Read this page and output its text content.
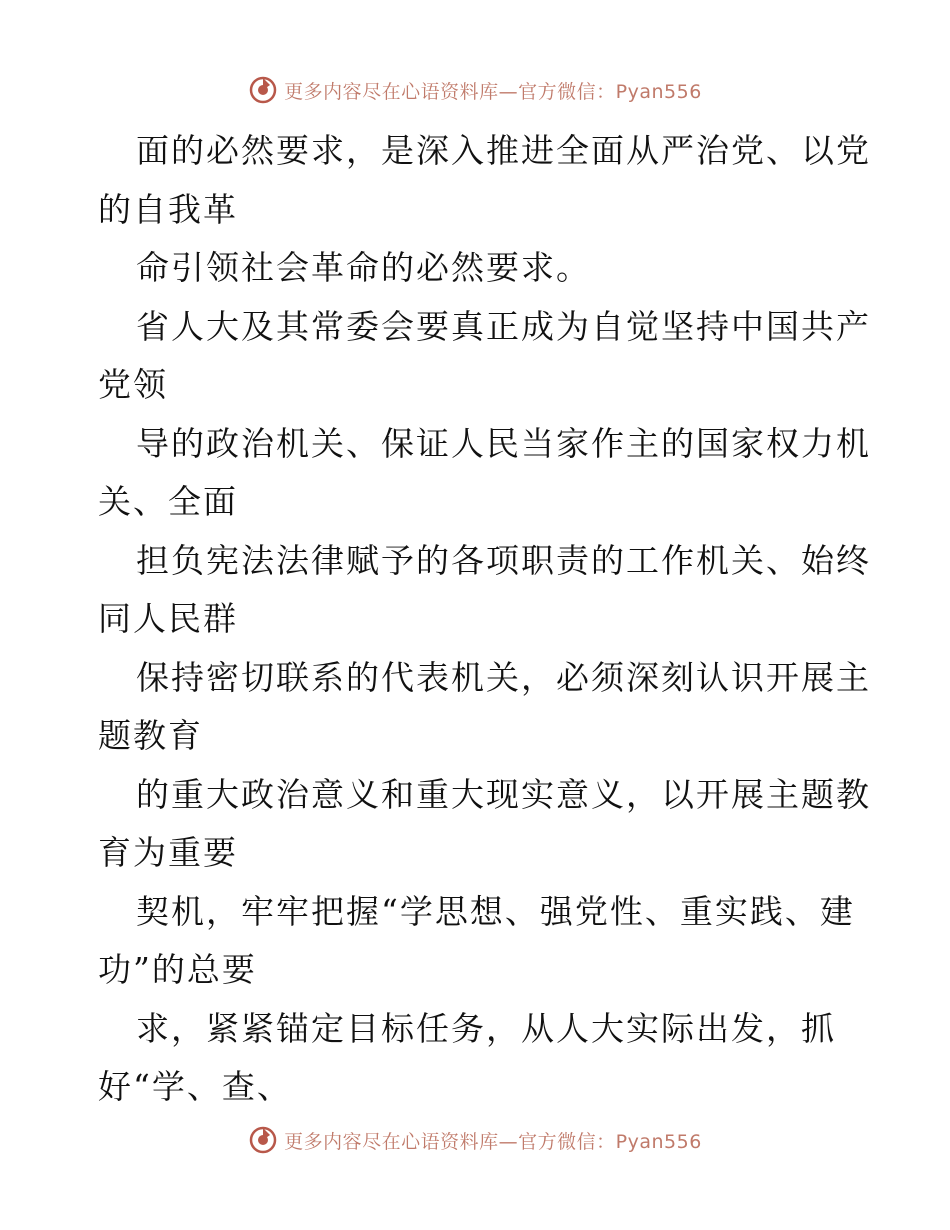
更多内容尽在心语资料库—官方微信：Pyan556
面的必然要求，是深入推进全面从严治党、以党
的自我革
命引领社会革命的必然要求。
省人大及其常委会要真正成为自觉坚持中国共产
党领
导的政治机关、保证人民当家作主的国家权力机
关、全面
担负宪法法律赋予的各项职责的工作机关、始终
同人民群
保持密切联系的代表机关，必须深刻认识开展主
题教育
的重大政治意义和重大现实意义，以开展主题教
育为重要
契机，牢牢把握“学思想、强党性、重实践、建
功”的总要
求，紧紧锚定目标任务，从人大实际出发，抓
好“学、查、
更多内容尽在心语资料库—官方微信：Pyan556
